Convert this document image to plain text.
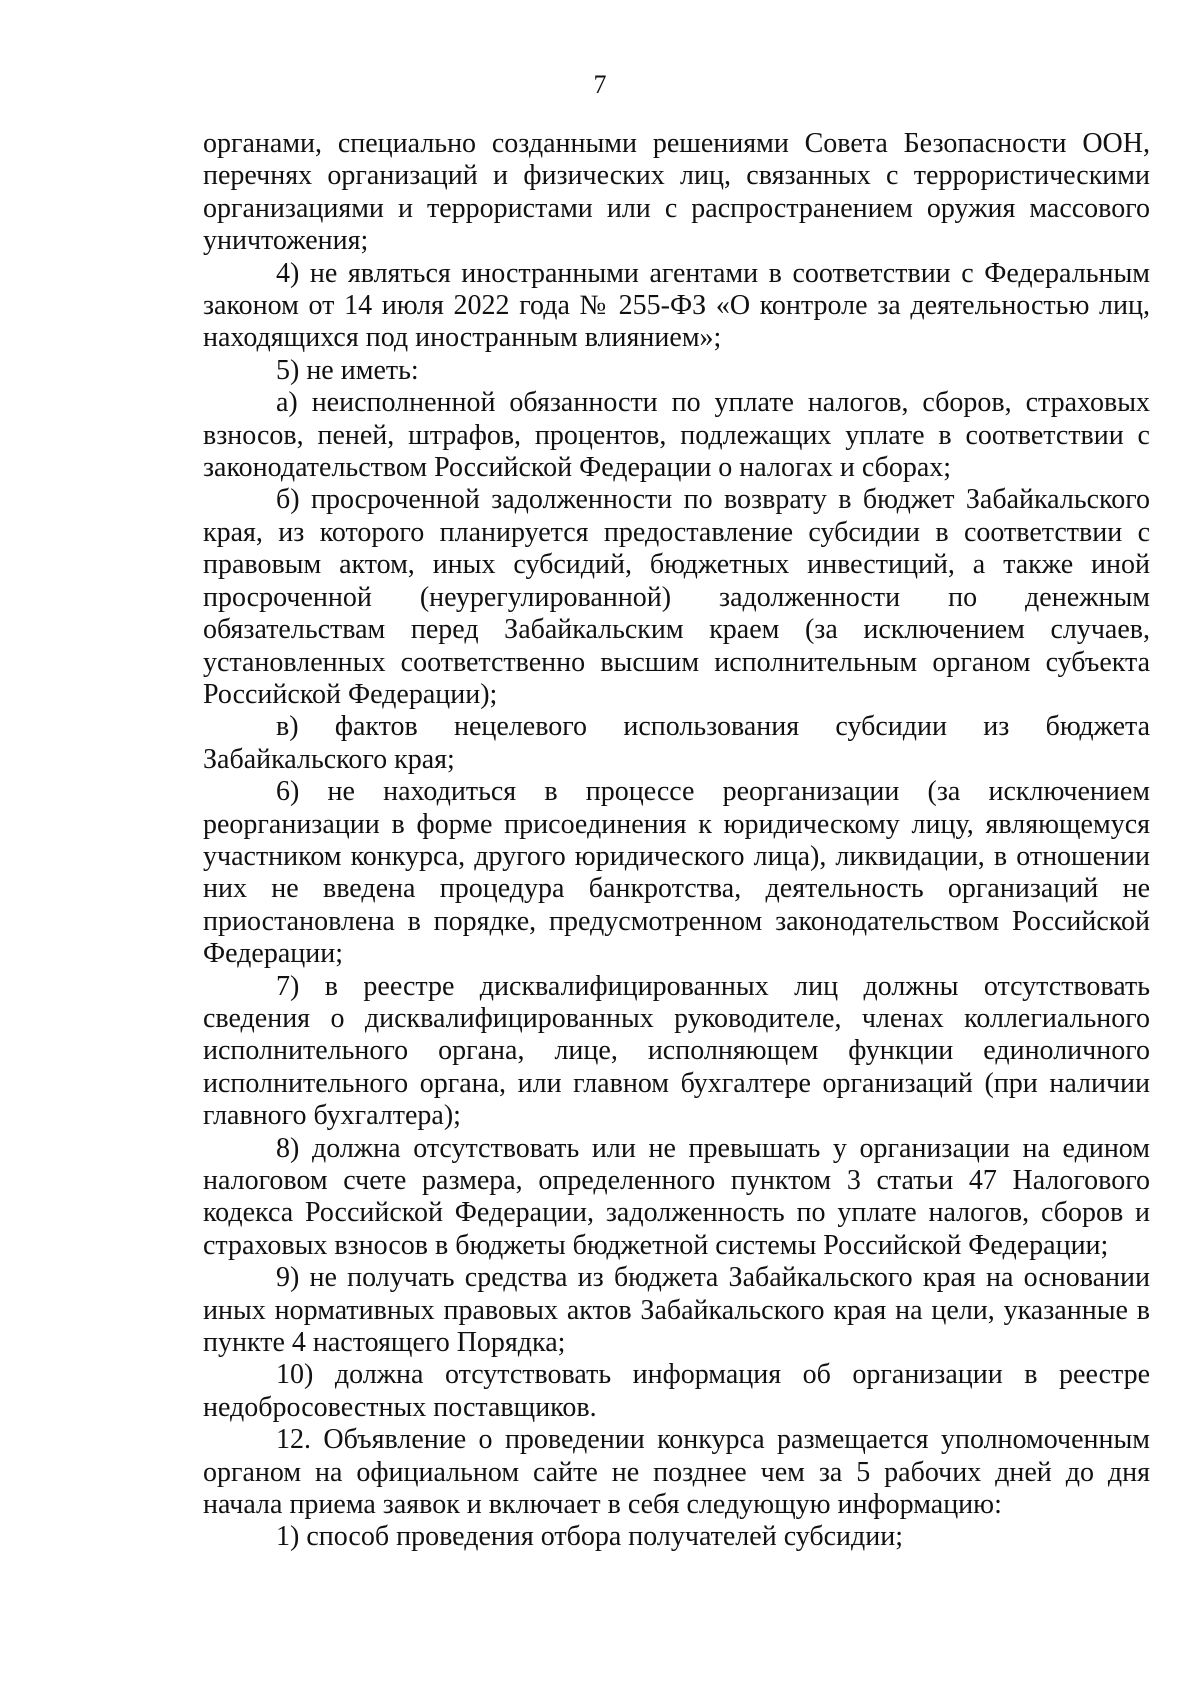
7

органами, специально созданными решениями Совета Безопасности ООН, перечнях организаций и физических лиц, связанных с террористическими организациями и террористами или с распространением оружия массового уничтожения;

4) не являться иностранными агентами в соответствии с Федеральным законом от 14 июля 2022 года № 255-ФЗ «О контроле за деятельностью лиц, находящихся под иностранным влиянием»;

5) не иметь:

а) неисполненной обязанности по уплате налогов, сборов, страховых взносов, пеней, штрафов, процентов, подлежащих уплате в соответствии с законодательством Российской Федерации о налогах и сборах;

б) просроченной задолженности по возврату в бюджет Забайкальского края, из которого планируется предоставление субсидии в соответствии с правовым актом, иных субсидий, бюджетных инвестиций, а также иной просроченной (неурегулированной) задолженности по денежным обязательствам перед Забайкальским краем (за исключением случаев, установленных соответственно высшим исполнительным органом субъекта Российской Федерации);

в) фактов нецелевого использования субсидии из бюджета Забайкальского края;

6) не находиться в процессе реорганизации (за исключением реорганизации в форме присоединения к юридическому лицу, являющемуся участником конкурса, другого юридического лица), ликвидации, в отношении них не введена процедура банкротства, деятельность организаций не приостановлена в порядке, предусмотренном законодательством Российской Федерации;

7) в реестре дисквалифицированных лиц должны отсутствовать сведения о дисквалифицированных руководителе, членах коллегиального исполнительного органа, лице, исполняющем функции единоличного исполнительного органа, или главном бухгалтере организаций (при наличии главного бухгалтера);

8) должна отсутствовать или не превышать у организации на едином налоговом счете размера, определенного пунктом 3 статьи 47 Налогового кодекса Российской Федерации, задолженность по уплате налогов, сборов и страховых взносов в бюджеты бюджетной системы Российской Федерации;

9) не получать средства из бюджета Забайкальского края на основании иных нормативных правовых актов Забайкальского края на цели, указанные в пункте 4 настоящего Порядка;

10) должна отсутствовать информация об организации в реестре недобросовестных поставщиков.

12. Объявление о проведении конкурса размещается уполномоченным органом на официальном сайте не позднее чем за 5 рабочих дней до дня начала приема заявок и включает в себя следующую информацию:

1) способ проведения отбора получателей субсидии;
